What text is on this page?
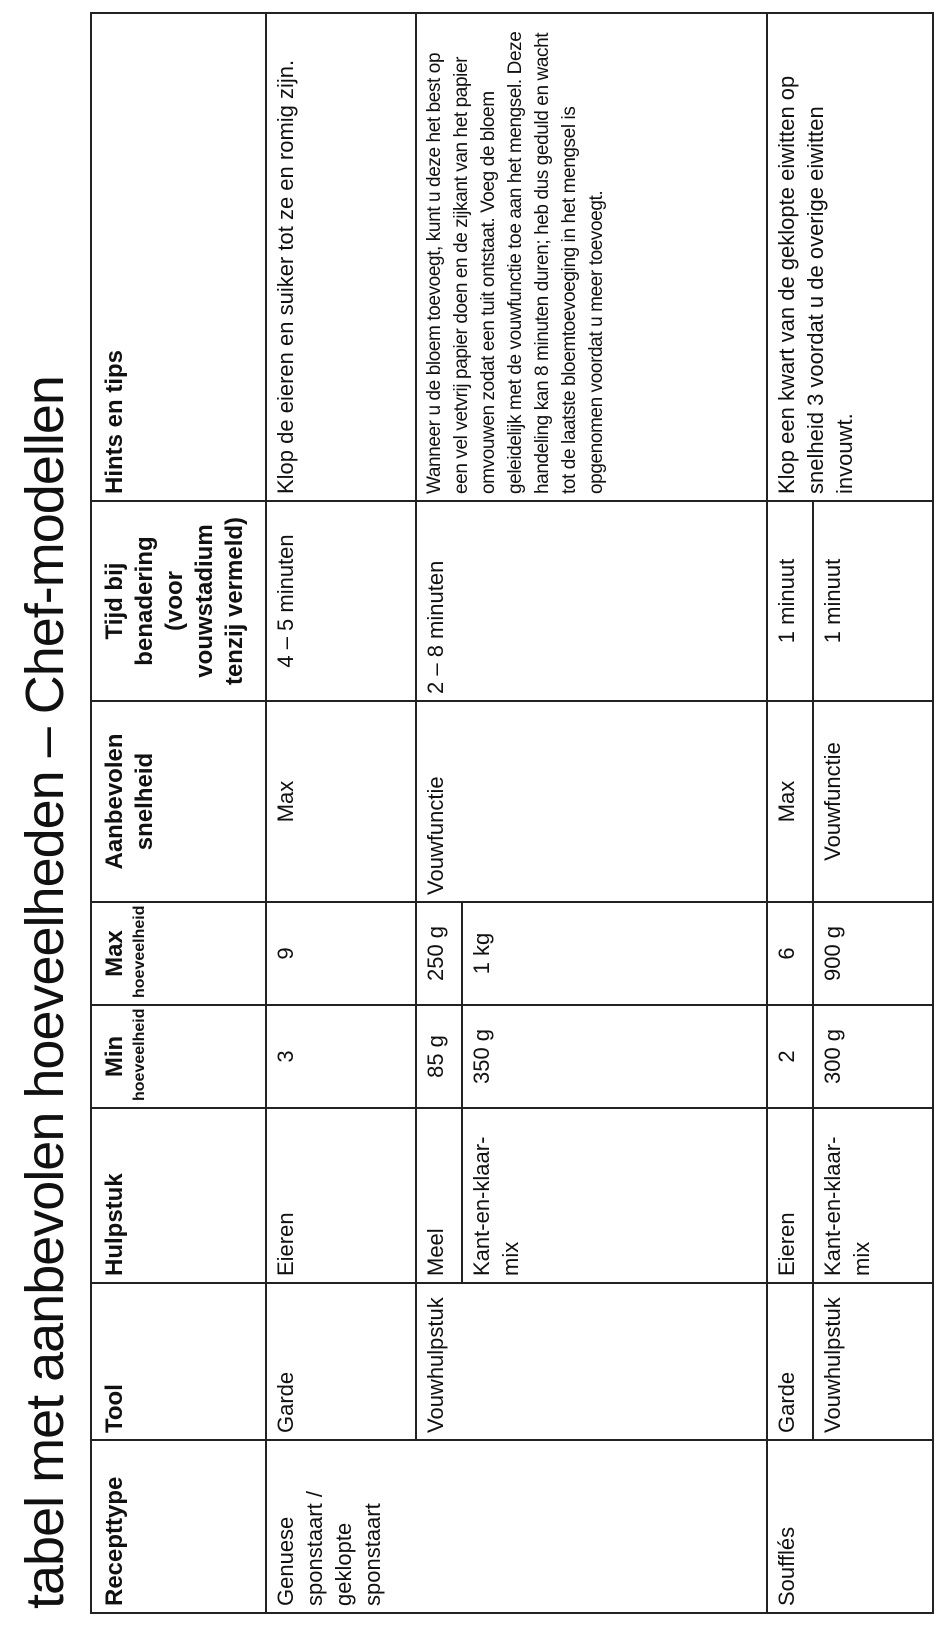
tabel met aanbevolen hoeveelheden – Chef-modellen Recepttype	Tool	Hulpstuk	Min hoeveelheid	Max hoeveelheid	Aanbevolen snelheid	Tijd bij benadering (voor vouwstadium tenzij vermeld)	Hints en tips
Genuese sponstaart / geklopte sponstaart	Garde	Eieren	3	9	Max	4 – 5 minuten	Klop de eieren en suiker tot ze en romig zijn.
	Vouwhulpstuk	Meel	85 g	250 g	Vouwfunctie	2 – 8 minuten	Wanneer u de bloem toevoegt, kunt u deze het best op een vel vetvrij papier doen en de zijkant van het papier omvouwen zodat een tuit ontstaat. Voeg de bloem geleidelijk met de vouwfunctie toe aan het mengsel. Deze handeling kan 8 minuten duren; heb dus geduld en wacht tot de laatste bloemtoevoeging in het mengsel is opgenomen voordat u meer toevoegt.
		Kant-en-klaar-mix	350 g	1 kg			
Soufflés	Garde	Eieren	2	6	Max	1 minuut	Klop een kwart van de geklopte eiwitten op snelheid 3 voordat u de overige eiwitten invouwt.
	Vouwhulpstuk	Kant-en-klaar-mix	300 g	900 g	Vouwfunctie	1 minuut	
